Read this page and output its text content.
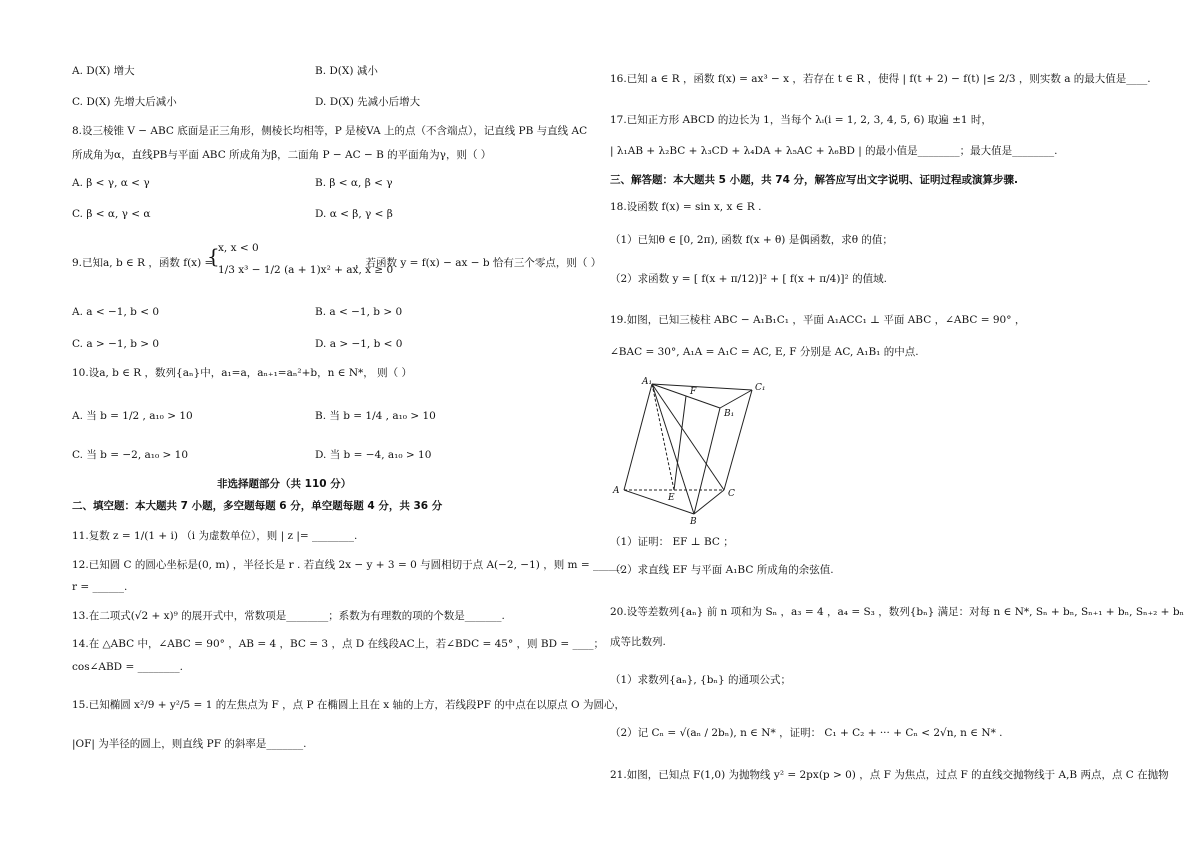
A. D(X) 增大	B. D(X) 减小
C. D(X) 先增大后减小	D. D(X) 先减小后增大
8.设三棱锥 V − ABC 底面是正三角形，侧棱长均相等，P 是棱VA 上的点（不含端点），记直线 PB 与直线 AC
所成角为α，直线PB与平面 ABC 所成角为β，二面角 P − AC − B 的平面角为γ，则（ ）
A. β < γ, α < γ	B. β < α, β < γ
C. β < α, γ < α	D. α < β, γ < β
9.已知a, b ∈ R ，函数 f(x) =
{
x, x < 0
1/3 x³ − 1/2 (a + 1)x² + ax, x ≥ 0
，若函数 y = f(x) − ax − b 恰有三个零点，则（ ）
A. a < −1, b < 0	B. a < −1, b > 0
C. a > −1, b > 0	D. a > −1, b < 0
10.设a, b ∈ R ，数列{aₙ}中，a₁=a，aₙ₊₁=aₙ²+b，n ∈ N*， 则（ ）
A. 当 b = 1/2 , a₁₀ > 10	B. 当 b = 1/4 , a₁₀ > 10
C. 当 b = −2, a₁₀ > 10	D. 当 b = −4, a₁₀ > 10
非选择题部分（共 110 分）
二、填空题：本大题共 7 小题，多空题每题 6 分，单空题每题 4 分，共 36 分
11.复数 z = 1/(1 + i) （i 为虚数单位），则 | z |= ________.
12.已知圆 C 的圆心坐标是(0, m) ，半径长是 r . 若直线 2x − y + 3 = 0 与圆相切于点 A(−2, −1) ，则 m = _____，
r = ______.
13.在二项式(√2 + x)⁹ 的展开式中，常数项是________；系数为有理数的项的个数是_______.
14.在 △ABC 中，∠ABC = 90° ，AB = 4 ，BC = 3 ，点 D 在线段AC上，若∠BDC = 45° ，则 BD = ____；
cos∠ABD = ________.
15.已知椭圆 x²/9 + y²/5 = 1 的左焦点为 F ，点 P 在椭圆上且在 x 轴的上方，若线段PF 的中点在以原点 O 为圆心，
|OF| 为半径的圆上，则直线 PF 的斜率是_______.
16.已知 a ∈ R ，函数 f(x) = ax³ − x ，若存在 t ∈ R ，使得 | f(t + 2) − f(t) |≤ 2/3 ，则实数 a 的最大值是____.
17.已知正方形 ABCD 的边长为 1，当每个 λᵢ(i = 1, 2, 3, 4, 5, 6) 取遍 ±1 时，
| λ₁AB + λ₂BC + λ₃CD + λ₄DA + λ₅AC + λ₆BD | 的最小值是________；最大值是________.
三、解答题：本大题共 5 小题，共 74 分，解答应写出文字说明、证明过程或演算步骤.
18.设函数 f(x) = sin x, x ∈ R .
（1）已知θ ∈ [0, 2π), 函数 f(x + θ) 是偶函数，求θ 的值；
（2）求函数 y = [ f(x + π/12)]² + [ f(x + π/4)]² 的值域.
19.如图，已知三棱柱 ABC − A₁B₁C₁ ，平面 A₁ACC₁ ⊥ 平面 ABC ，∠ABC = 90° ，
∠BAC = 30°, A₁A = A₁C = AC, E, F 分别是 AC, A₁B₁ 的中点.
A₁
C₁
B₁
F
A
E	C
B
（1）证明： EF ⊥ BC ；
（2）求直线 EF 与平面 A₁BC 所成角的余弦值.
20.设等差数列{aₙ} 前 n 项和为 Sₙ ，a₃ = 4 ，a₄ = S₃ ，数列{bₙ} 满足：对每 n ∈ N*, Sₙ + bₙ, Sₙ₊₁ + bₙ, Sₙ₊₂ + bₙ
成等比数列.
（1）求数列{aₙ}, {bₙ} 的通项公式；
（2）记 Cₙ = √(aₙ / 2bₙ), n ∈ N* ，证明： C₁ + C₂ + ··· + Cₙ < 2√n, n ∈ N* .
21.如图，已知点 F(1,0) 为抛物线 y² = 2px(p > 0) ，点 F 为焦点，过点 F 的直线交抛物线于 A,B 两点，点 C 在抛物
